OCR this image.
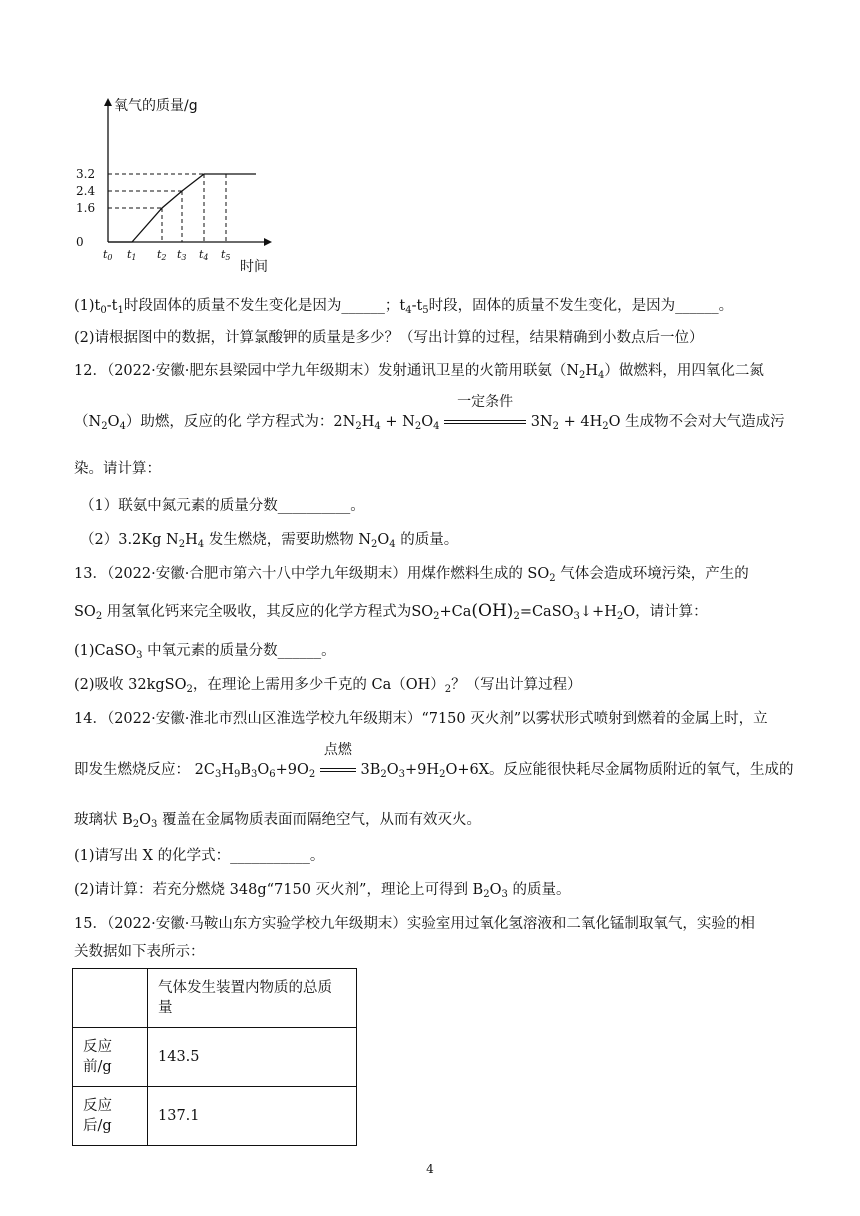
氧气的质量/g
时间
3.2
2.4
1.6
0
t0 t1 t2 t3 t4 t5
$(1)t_0-t_1$时段固体的质量不发生变化是因为______；$t_4-t_5$时段，固体的质量不发生变化，是因为______。
(2)请根据图中的数据，计算氯酸钾的质量是多少？（写出计算的过程，结果精确到小数点后一位）
12．（2022·安徽·肥东县梁园中学九年级期末）发射通讯卫星的火箭用联氨$(N_2H_4)$做燃料，用四氧化二氮
$(N_2O_4)$助燃，反应的化 学方程式为：$2N_2H_4 + N_2O_4$
一定条件
$3N_2 + 4H_2O$ 生成物不会对大气造成污
染。请计算：
（1）联氨中氮元素的质量分数__________。
（2）3.2Kg $N_2H_4$ 发生燃烧，需要助燃物 $N_2O_4$ 的质量。
13．（2022·安徽·合肥市第六十八中学九年级期末）用煤作燃料生成的 $SO_2$ 气体会造成环境污染，产生的
$SO_2$ 用氢氧化钙来完全吸收，其反应的化学方程式为$SO_2+Ca(OH)_2=CaSO_3↓+H_2O$，请计算：
(1)CaSO$_3$ 中氧元素的质量分数______。
(2)吸收 32kgSO$_2$，在理论上需用多少千克的 $Ca(OH)_2$？（写出计算过程）
14．（2022·安徽·淮北市烈山区淮选学校九年级期末）“7150 灭火剂”以雾状形式喷射到燃着的金属上时，立
即发生燃烧反应： $2C_3H_9B_3O_6+9O_2$
点燃
$3B_2O_3+9H_2O+6X$。反应能很快耗尽金属物质附近的氧气，生成的
玻璃状 $B_2O_3$ 覆盖在金属物质表面而隔绝空气，从而有效灭火。
(1)请写出 X 的化学式：___________。
(2)请计算：若充分燃烧 348g“7150 灭火剂”，理论上可得到 $B_2O_3$ 的质量。
15．（2022·安徽·马鞍山东方实验学校九年级期末）实验室用过氧化氢溶液和二氧化锰制取氧气，实验的相
关数据如下表所示：
	气体发生装置内物质的总质量
反应前/g	143.5
反应后/g	137.1
4
